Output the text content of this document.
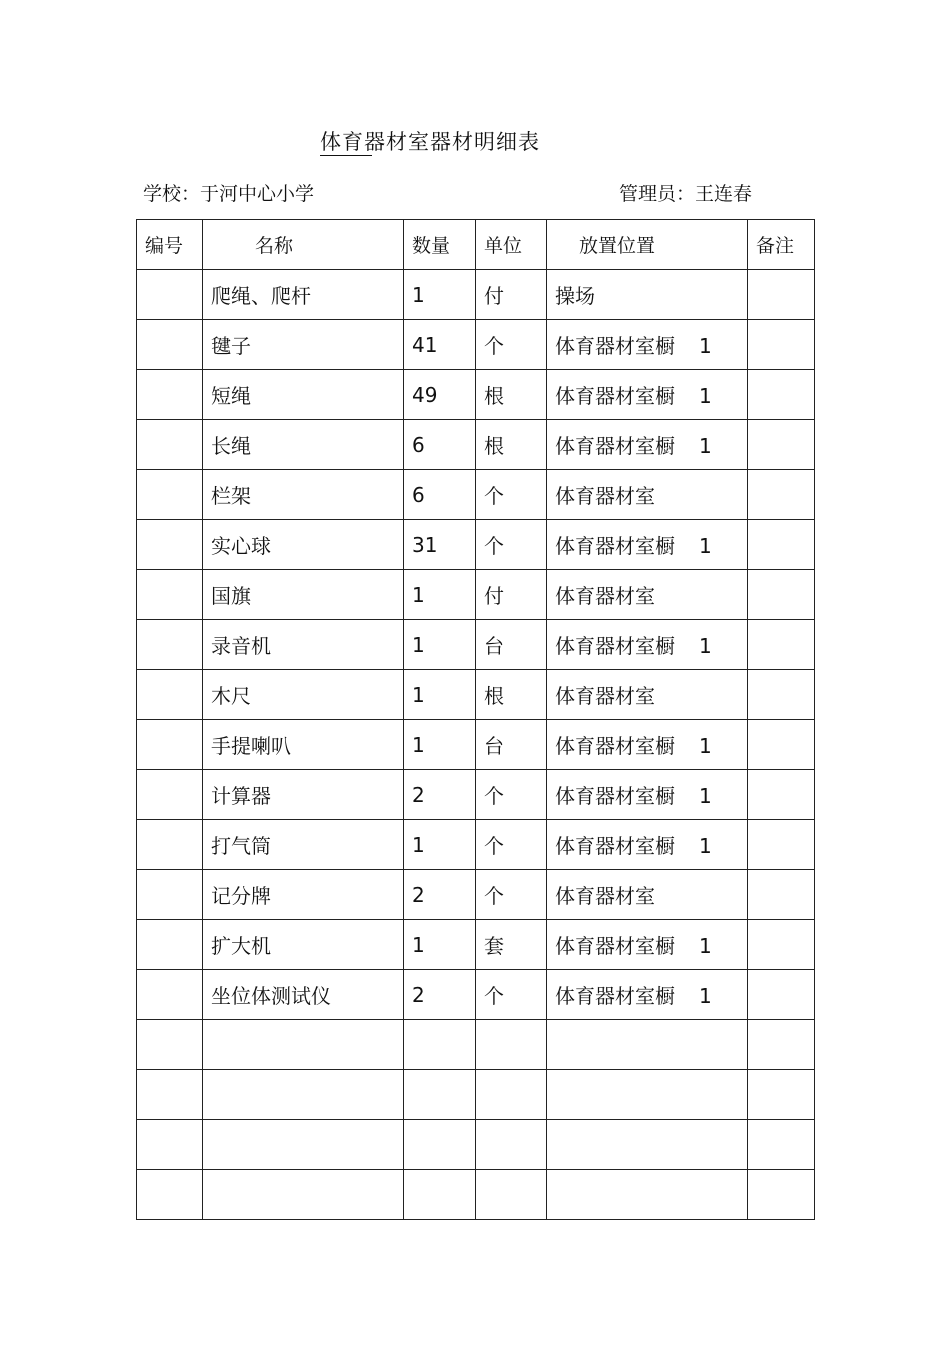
体育器材室器材明细表
学校：于河中心小学	管理员：王连春
编号	名称	数量	单位	放置位置	备注
	爬绳、爬杆	1	付	操场	
	毽子	41	个	体育器材室橱 1	
	短绳	49	根	体育器材室橱 1	
	长绳	6	根	体育器材室橱 1	
	栏架	6	个	体育器材室	
	实心球	31	个	体育器材室橱 1	
	国旗	1	付	体育器材室	
	录音机	1	台	体育器材室橱 1	
	木尺	1	根	体育器材室	
	手提喇叭	1	台	体育器材室橱 1	
	计算器	2	个	体育器材室橱 1	
	打气筒	1	个	体育器材室橱 1	
	记分牌	2	个	体育器材室	
	扩大机	1	套	体育器材室橱 1	
	坐位体测试仪	2	个	体育器材室橱 1	
